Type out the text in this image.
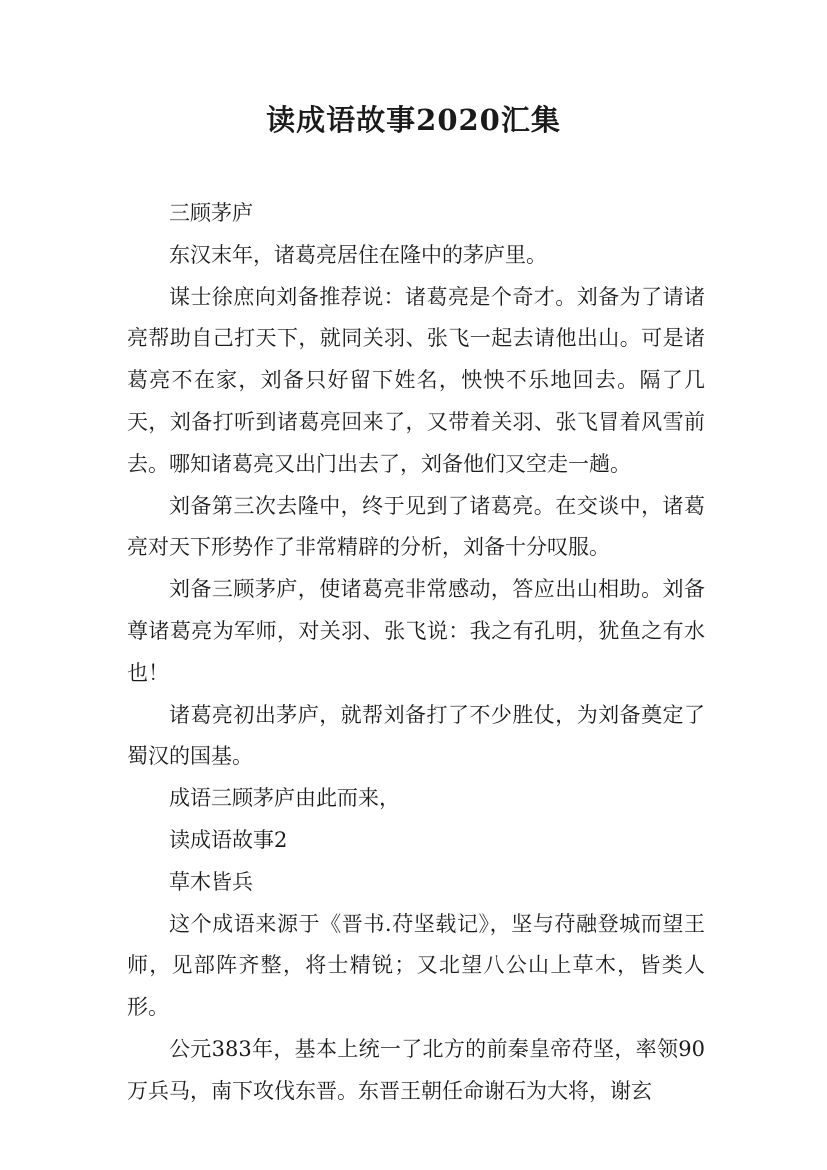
读成语故事2020汇集

三顾茅庐

东汉末年，诸葛亮居住在隆中的茅庐里。

谋士徐庶向刘备推荐说：诸葛亮是个奇才。刘备为了请诸亮帮助自己打天下，就同关羽、张飞一起去请他出山。可是诸葛亮不在家，刘备只好留下姓名，怏怏不乐地回去。隔了几天，刘备打听到诸葛亮回来了，又带着关羽、张飞冒着风雪前去。哪知诸葛亮又出门出去了，刘备他们又空走一趟。

刘备第三次去隆中，终于见到了诸葛亮。在交谈中，诸葛亮对天下形势作了非常精辟的分析，刘备十分叹服。

刘备三顾茅庐，使诸葛亮非常感动，答应出山相助。刘备尊诸葛亮为军师，对关羽、张飞说：我之有孔明，犹鱼之有水也！

诸葛亮初出茅庐，就帮刘备打了不少胜仗，为刘备奠定了蜀汉的国基。

成语三顾茅庐由此而来，

读成语故事2

草木皆兵

这个成语来源于《晋书.苻坚载记》，坚与苻融登城而望王师，见部阵齐整，将士精锐；又北望八公山上草木，皆类人形。

公元383年，基本上统一了北方的前秦皇帝苻坚，率领90万兵马，南下攻伐东晋。东晋王朝任命谢石为大将，谢玄
